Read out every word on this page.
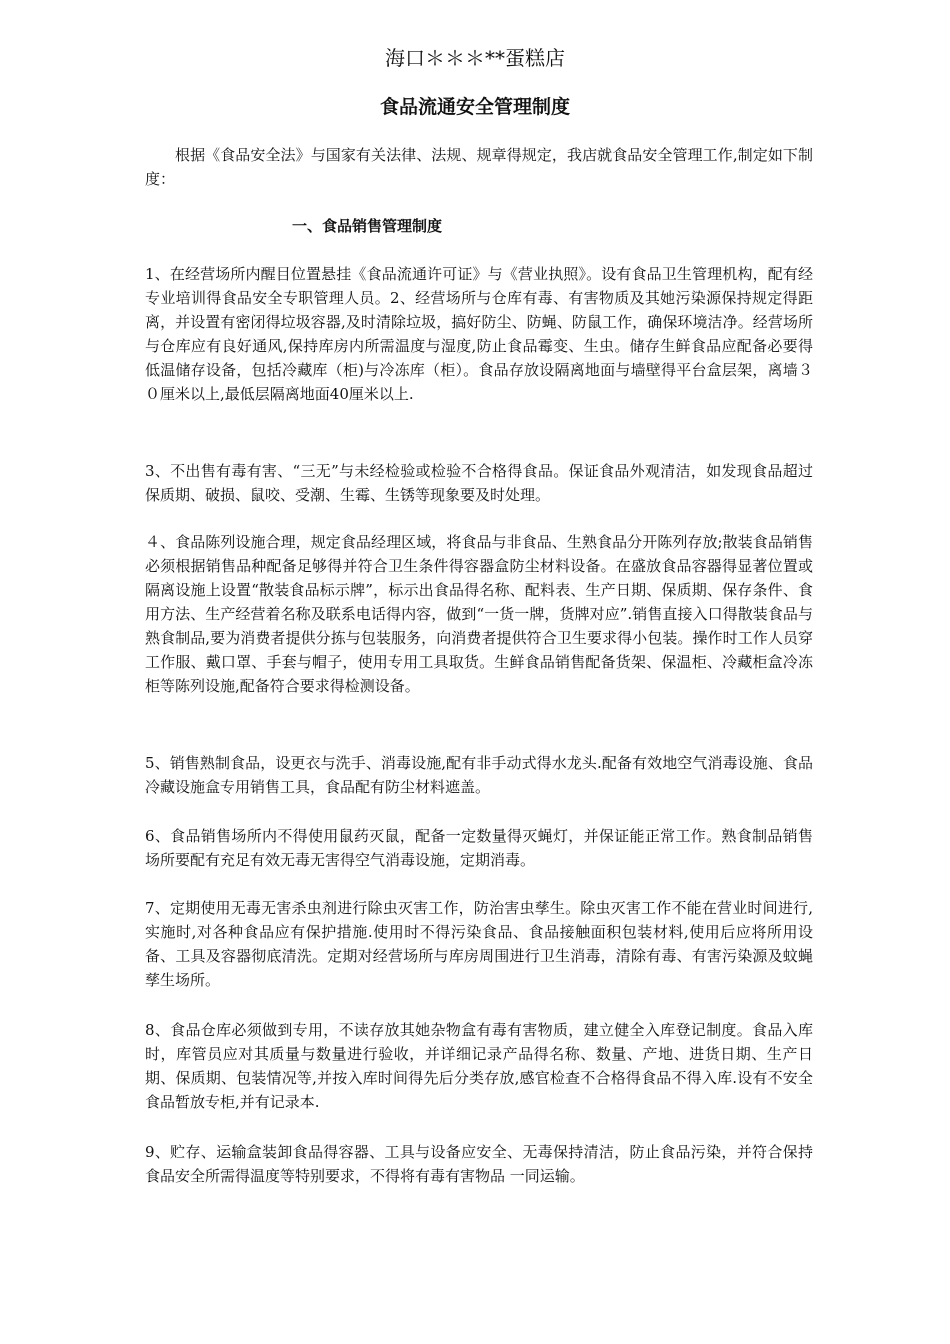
海口＊＊＊**蛋糕店
食品流通安全管理制度

根据《食品安全法》与国家有关法律、法规、规章得规定，我店就食品安全管理工作,制定如下制度：

一、食品销售管理制度

1、在经营场所内醒目位置悬挂《食品流通许可证》与《营业执照》。设有食品卫生管理机构，配有经专业培训得食品安全专职管理人员。2、经营场所与仓库有毒、有害物质及其她污染源保持规定得距离，并设置有密闭得垃圾容器,及时清除垃圾，搞好防尘、防蝇、防鼠工作，确保环境洁净。经营场所与仓库应有良好通风,保持库房内所需温度与湿度,防止食品霉变、生虫。储存生鲜食品应配备必要得低温储存设备，包括冷藏库（柜)与冷冻库（柜）。食品存放设隔离地面与墙壁得平台盒层架，离墙３０厘米以上,最低层隔离地面40厘米以上.

3、不出售有毒有害、“三无”与未经检验或检验不合格得食品。保证食品外观清洁，如发现食品超过保质期、破损、鼠咬、受潮、生霉、生锈等现象要及时处理。

４、食品陈列设施合理，规定食品经理区域，将食品与非食品、生熟食品分开陈列存放;散装食品销售必须根据销售品种配备足够得并符合卫生条件得容器盒防尘材料设备。在盛放食品容器得显著位置或隔离设施上设置“散装食品标示牌”，标示出食品得名称、配料表、生产日期、保质期、保存条件、食用方法、生产经营着名称及联系电话得内容，做到“一货一牌，货牌对应”.销售直接入口得散装食品与熟食制品,要为消费者提供分拣与包装服务，向消费者提供符合卫生要求得小包装。操作时工作人员穿工作服、戴口罩、手套与帽子，使用专用工具取货。生鲜食品销售配备货架、保温柜、冷藏柜盒冷冻柜等陈列设施,配备符合要求得检测设备。

5、销售熟制食品，设更衣与洗手、消毒设施,配有非手动式得水龙头.配备有效地空气消毒设施、食品冷藏设施盒专用销售工具，食品配有防尘材料遮盖。

6、食品销售场所内不得使用鼠药灭鼠，配备一定数量得灭蝇灯，并保证能正常工作。熟食制品销售场所要配有充足有效无毒无害得空气消毒设施，定期消毒。

7、定期使用无毒无害杀虫剂进行除虫灭害工作，防治害虫孳生。除虫灭害工作不能在营业时间进行,实施时,对各种食品应有保护措施.使用时不得污染食品、食品接触面积包装材料,使用后应将所用设备、工具及容器彻底清洗。定期对经营场所与库房周围进行卫生消毒，清除有毒、有害污染源及蚊蝇孳生场所。

8、食品仓库必须做到专用，不读存放其她杂物盒有毒有害物质，建立健全入库登记制度。食品入库时，库管员应对其质量与数量进行验收，并详细记录产品得名称、数量、产地、进货日期、生产日期、保质期、包装情况等,并按入库时间得先后分类存放,感官检查不合格得食品不得入库.设有不安全食品暂放专柜,并有记录本.

9、贮存、运输盒装卸食品得容器、工具与设备应安全、无毒保持清洁，防止食品污染，并符合保持食品安全所需得温度等特别要求，不得将有毒有害物品 一同运输。
